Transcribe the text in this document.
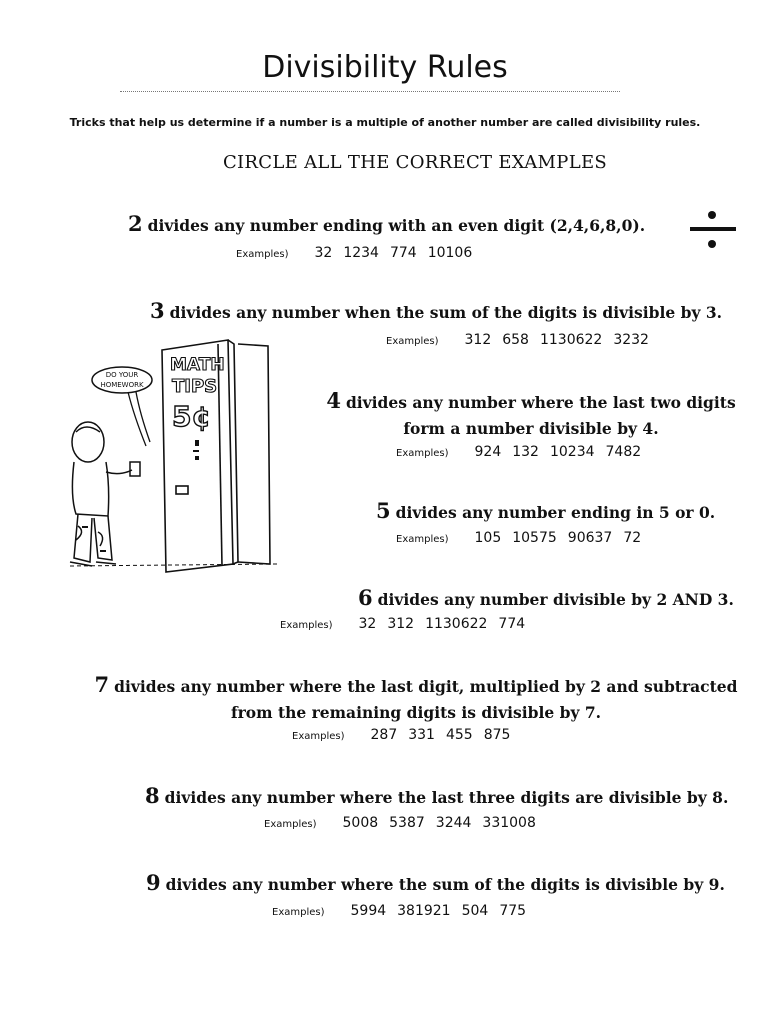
Divisibility Rules
Tricks that help us determine if a number is a multiple of another number are called divisibility rules.
CIRCLE ALL THE CORRECT EXAMPLES
2 divides any number ending with an even digit (2,4,6,8,0).
Examples) 32 1234 774 10106
3 divides any number when the sum of the digits is divisible by 3.
Examples) 312 658 1130622 3232
MATH
TIPS
5¢
DO YOUR
HOMEWORK
4 divides any number where the last two digits form a number divisible by 4.
Examples) 924 132 10234 7482
5 divides any number ending in 5 or 0.
Examples) 105 10575 90637 72
6 divides any number divisible by 2 AND 3.
Examples) 32 312 1130622 774
7 divides any number where the last digit, multiplied by 2 and subtracted from the remaining digits is divisible by 7.
Examples) 287 331 455 875
8 divides any number where the last three digits are divisible by 8.
Examples) 5008 5387 3244 331008
9 divides any number where the sum of the digits is divisible by 9.
Examples) 5994 381921 504 775
